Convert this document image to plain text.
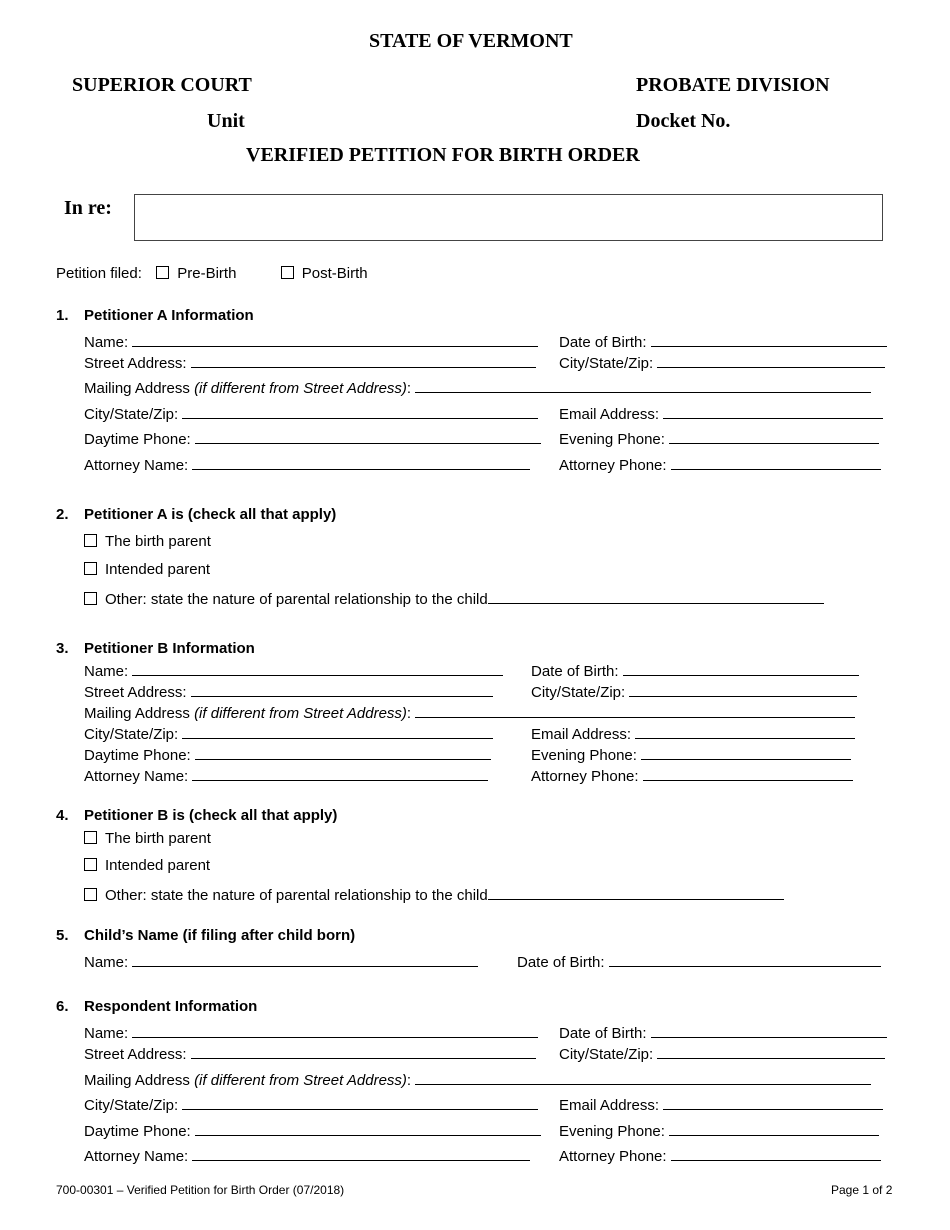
STATE OF VERMONT
SUPERIOR COURT	PROBATE DIVISION
Unit	Docket No.
VERIFIED PETITION FOR BIRTH ORDER
In re:
Petition filed: Pre-Birth	Post-Birth
1. Petitioner A Information
Name:	Date of Birth:
Street Address:	City/State/Zip:
Mailing Address (if different from Street Address):
City/State/Zip:	Email Address:
Daytime Phone:	Evening Phone:
Attorney Name:	Attorney Phone:
2. Petitioner A is (check all that apply)
The birth parent
Intended parent
Other: state the nature of parental relationship to the child
3. Petitioner B Information
Name:	Date of Birth:
Street Address:	City/State/Zip:
Mailing Address (if different from Street Address):
City/State/Zip:	Email Address:
Daytime Phone:	Evening Phone:
Attorney Name:	Attorney Phone:
4. Petitioner B is (check all that apply)
The birth parent
Intended parent
Other: state the nature of parental relationship to the child
5. Child’s Name (if filing after child born)
Name:	Date of Birth:
6. Respondent Information
Name:	Date of Birth:
Street Address:	City/State/Zip:
Mailing Address (if different from Street Address):
City/State/Zip:	Email Address:
Daytime Phone:	Evening Phone:
Attorney Name:	Attorney Phone:
700-00301 – Verified Petition for Birth Order (07/2018)	Page 1 of 2
